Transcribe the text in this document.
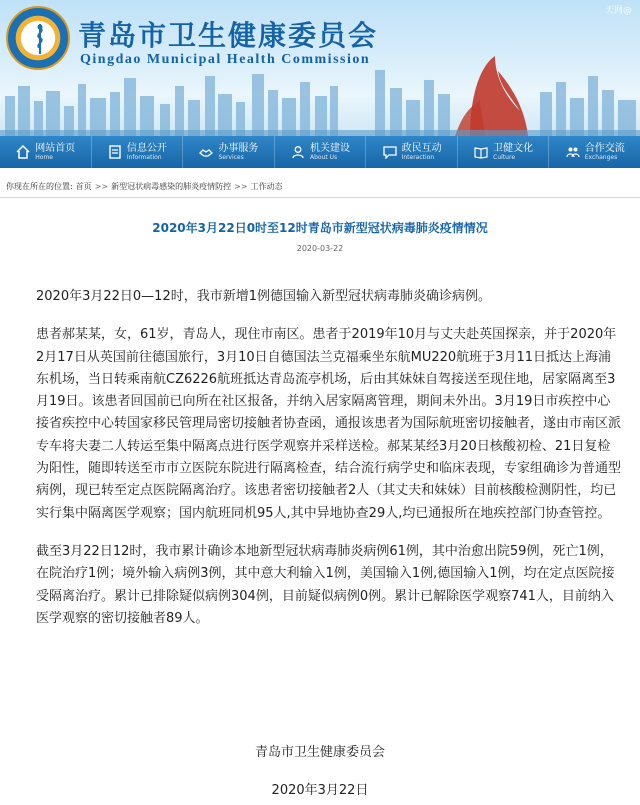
天网@
青岛市卫生健康委员会
Qingdao Municipal Health Commission
网站首页
Home
信息公开
Information
办事服务
Services
机关建设
About Us
政民互动
Interaction
卫健文化
Culture
合作交流
Exchanges
你现在所在的位置: 首页 >> 新型冠状病毒感染的肺炎疫情防控 >> 工作动态
2020年3月22日0时至12时青岛市新型冠状病毒肺炎疫情情况
2020-03-22

2020年3月22日0—12时，我市新增1例德国输入新型冠状病毒肺炎确诊病例。

患者郝某某，女，61岁，青岛人，现住市南区。患者于2019年10月与丈夫赴英国探亲，并于2020年2月17日从英国前往德国旅行，3月10日自德国法兰克福乘坐东航MU220航班于3月11日抵达上海浦东机场，当日转乘南航CZ6226航班抵达青岛流亭机场，后由其妹妹自驾接送至现住地，居家隔离至3月19日。该患者回国前已向所在社区报备，并纳入居家隔离管理，期间未外出。3月19日市疾控中心接省疾控中心转国家移民管理局密切接触者协查函，通报该患者为国际航班密切接触者，遂由市南区派专车将夫妻二人转运至集中隔离点进行医学观察并采样送检。郝某某经3月20日核酸初检、21日复检为阳性，随即转送至市市立医院东院进行隔离检查，结合流行病学史和临床表现，专家组确诊为普通型病例，现已转至定点医院隔离治疗。该患者密切接触者2人（其丈夫和妹妹）目前核酸检测阴性，均已实行集中隔离医学观察；国内航班同机95人,其中异地协查29人,均已通报所在地疾控部门协查管控。

截至3月22日12时，我市累计确诊本地新型冠状病毒肺炎病例61例，其中治愈出院59例，死亡1例，在院治疗1例；境外输入病例3例，其中意大利输入1例，美国输入1例,德国输入1例，均在定点医院接受隔离治疗。累计已排除疑似病例304例，目前疑似病例0例。累计已解除医学观察741人，目前纳入医学观察的密切接触者89人。

青岛市卫生健康委员会
2020年3月22日
